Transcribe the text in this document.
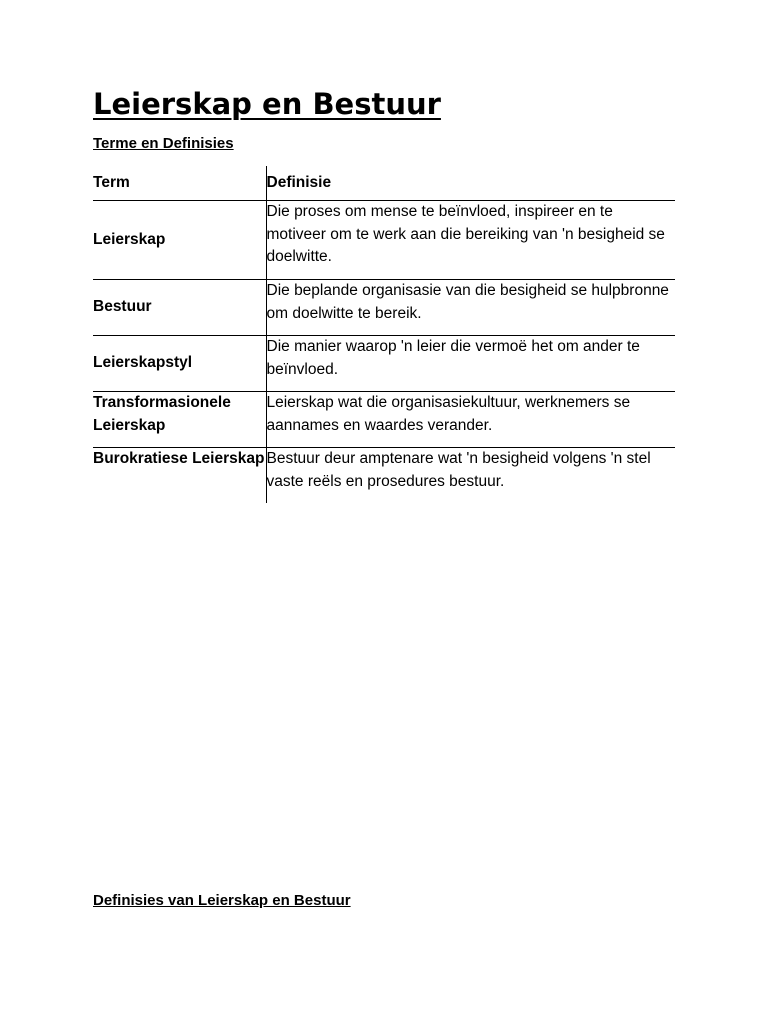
Leierskap en Bestuur
Terme en Definisies
Term	Definisie
Leierskap	Die proses om mense te beïnvloed, inspireer en te motiveer om te werk aan die bereiking van 'n besigheid se doelwitte.
Bestuur	Die beplande organisasie van die besigheid se hulpbronne om doelwitte te bereik.
Leierskapstyl	Die manier waarop 'n leier die vermoë het om ander te beïnvloed.
Transformasionele Leierskap	Leierskap wat die organisasiekultuur, werknemers se aannames en waardes verander.
Burokratiese Leierskap	Bestuur deur amptenare wat 'n besigheid volgens 'n stel vaste reëls en prosedures bestuur.
Definisies van Leierskap en Bestuur
